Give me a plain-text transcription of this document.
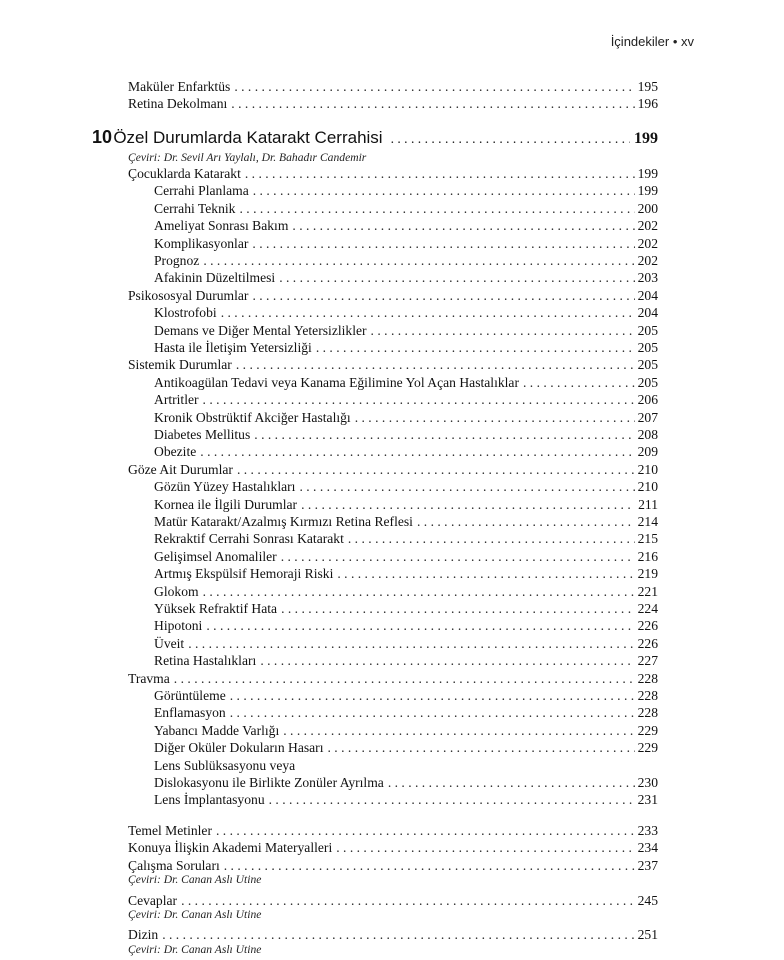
İçindekiler • xv
Maküler Enfarktüs . . .	195
Retina Dekolmanı . . .	196
10 Özel Durumlarda Katarakt Cerrahisi . . .	199
Çeviri: Dr. Sevil Arı Yaylalı, Dr. Bahadır Candemir
Çocuklarda Katarakt . . .	199
Cerrahi Planlama . . .	199
Cerrahi Teknik . . .	200
Ameliyat Sonrası Bakım . . .	202
Komplikasyonlar . . .	202
Prognoz . . .	202
Afakinin Düzeltilmesi . . .	203
Psikososyal Durumlar . . .	204
Klostrofobi . . .	204
Demans ve Diğer Mental Yetersizlikler . . .	205
Hasta ile İletişim Yetersizliği . . .	205
Sistemik Durumlar . . .	205
Antikoagülan Tedavi veya Kanama Eğilimine Yol Açan Hastalıklar . . .	205
Artritler . . .	206
Kronik Obstrüktif Akciğer Hastalığı . . .	207
Diabetes Mellitus . . .	208
Obezite . . .	209
Göze Ait Durumlar . . .	210
Gözün Yüzey Hastalıkları . . .	210
Kornea ile İlgili Durumlar . . .	211
Matür Katarakt/Azalmış Kırmızı Retina Reflesi . . .	214
Rekraktif Cerrahi Sonrası Katarakt . . .	215
Gelişimsel Anomaliler . . .	216
Artmış Ekspülsif Hemoraji Riski . . .	219
Glokom . . .	221
Yüksek Refraktif Hata . . .	224
Hipotoni . . .	226
Üveit . . .	226
Retina Hastalıkları . . .	227
Travma . . .	228
Görüntüleme . . .	228
Enflamasyon . . .	228
Yabancı Madde Varlığı . . .	229
Diğer Oküler Dokuların Hasarı . . .	229
Lens Sublüksasyonu veya
Dislokasyonu ile Birlikte Zonüler Ayrılma . . .	230
Lens İmplantasyonu . . .	231
Temel Metinler . . .	233
Konuya İlişkin Akademi Materyalleri . . .	234
Çalışma Soruları . . .	237
Çeviri: Dr. Canan Aslı Utine
Cevaplar . . .	245
Çeviri: Dr. Canan Aslı Utine
Dizin . . .	251
Çeviri: Dr. Canan Aslı Utine
